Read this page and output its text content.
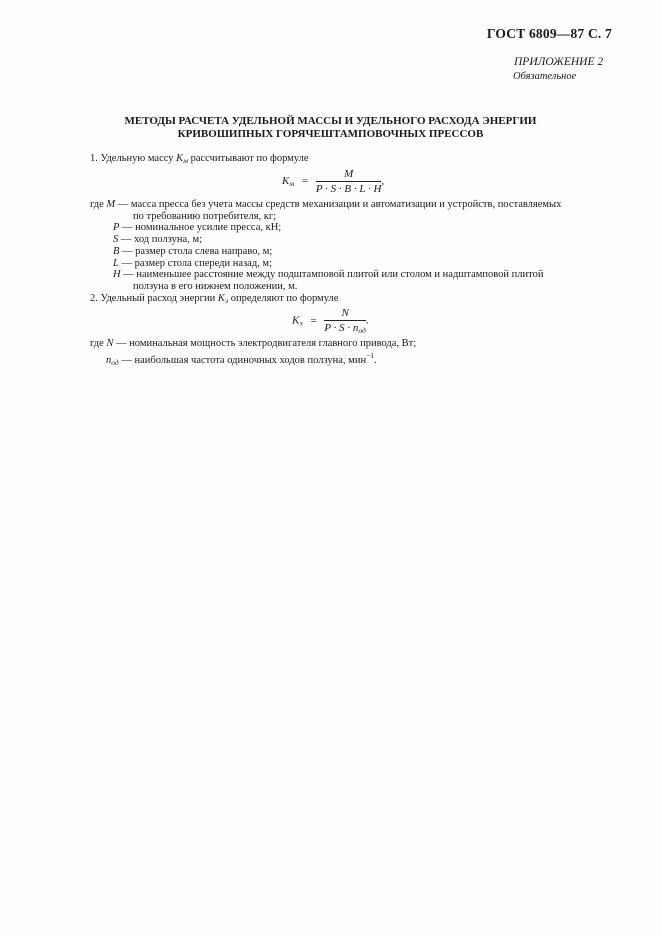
ГОСТ 6809—87 С. 7
ПРИЛОЖЕНИЕ 2
Обязательное
МЕТОДЫ РАСЧЕТА УДЕЛЬНОЙ МАССЫ И УДЕЛЬНОГО РАСХОДА ЭНЕРГИИ
КРИВОШИПНЫХ ГОРЯЧЕШТАМПОВОЧНЫХ ПРЕССОВ
1. Удельную массу $K_м$ рассчитывают по формуле
$K_м = \frac{M}{P \cdot S \cdot B \cdot L \cdot H}$ ,
где M — масса пресса без учета массы средств механизации и автоматизации и устройств, поставляемых
по требованию потребителя, кг;
P — номинальное усилие пресса, кН;
S — ход ползуна, м;
B — размер стола слева направо, м;
L — размер стола спереди назад, м;
H — наименьшее расстояние между подштамповой плитой или столом и надштамповой плитой
ползуна в его нижнем положении, м.
2. Удельный расход энергии $K_э$ определяют по формуле
$K_э = \frac{N}{P \cdot S \cdot n_{од}}$ .
где N — номинальная мощность электродвигателя главного привода, Вт;
$n_{од}$ — наибольшая частота одиночных ходов ползуна, мин$^{-1}$.
